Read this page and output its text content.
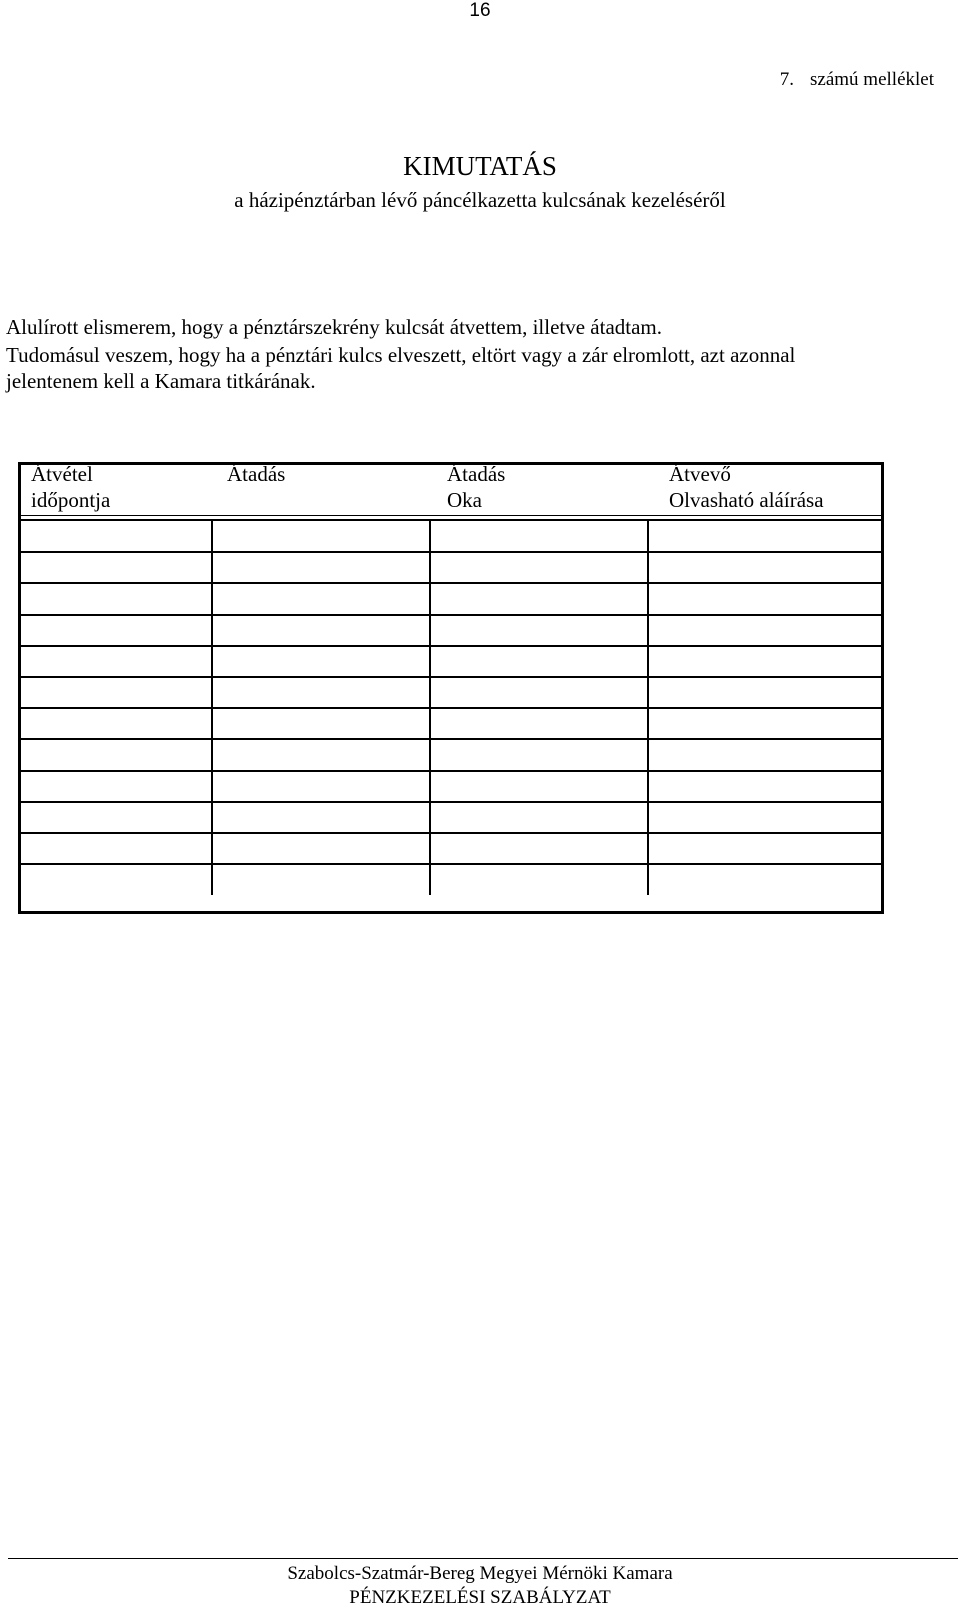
16
7. számú melléklet
KIMUTATÁS
a házipénztárban lévő páncélkazetta kulcsának kezeléséről
Alulírott elismerem, hogy a pénztárszekrény kulcsát átvettem, illetve átadtam.
Tudomásul veszem, hogy ha a pénztári kulcs elveszett, eltört vagy a zár elromlott, azt azonnal
jelentenem kell a Kamara titkárának.
Átvétel
időpontja
Átadás	Átadás
Oka
Átvevő
Olvasható aláírása
Szabolcs-Szatmár-Bereg Megyei Mérnöki Kamara
PÉNZKEZELÉSI SZABÁLYZAT
